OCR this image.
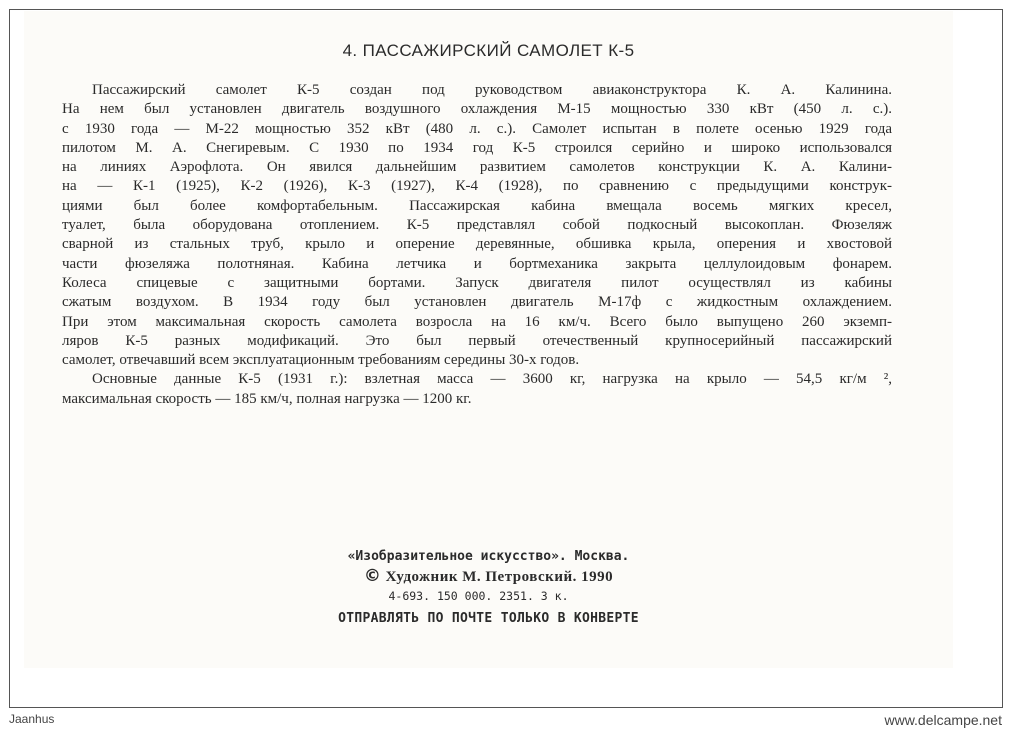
4. ПАССАЖИРСКИЙ САМОЛЕТ К-5
Пассажирский самолет К-5 создан под руководством авиаконструктора К. А. Калинина.
На нем был установлен двигатель воздушного охлаждения М-15 мощностью 330 кВт (450 л. с.).
с 1930 года — М-22 мощностью 352 кВт (480 л. с.). Самолет испытан в полете осенью 1929 года
пилотом М. А. Снегиревым. С 1930 по 1934 год К-5 строился серийно и широко использовался
на линиях Аэрофлота. Он явился дальнейшим развитием самолетов конструкции К. А. Калини-
на — К-1 (1925), К-2 (1926), К-3 (1927), К-4 (1928), по сравнению с предыдущими конструк-
циями был более комфортабельным. Пассажирская кабина вмещала восемь мягких кресел,
туалет, была оборудована отоплением. К-5 представлял собой подкосный высокоплан. Фюзеляж
сварной из стальных труб, крыло и оперение деревянные, обшивка крыла, оперения и хвостовой
части фюзеляжа полотняная. Кабина летчика и бортмеханика закрыта целлулоидовым фонарем.
Колеса спицевые с защитными бортами. Запуск двигателя пилот осуществлял из кабины
сжатым воздухом. В 1934 году был установлен двигатель М-17ф с жидкостным охлаждением.
При этом максимальная скорость самолета возросла на 16 км/ч. Всего было выпущено 260 экземп-
ляров К-5 разных модификаций. Это был первый отечественный крупносерийный пассажирский
самолет, отвечавший всем эксплуатационным требованиям середины 30-х годов.
Основные данные К-5 (1931 г.): взлетная масса — 3600 кг, нагрузка на крыло — 54,5 кг/м ²,
максимальная скорость — 185 км/ч, полная нагрузка — 1200 кг.
«Изобразительное искусство». Москва.
© Художник М. Петровский. 1990
4-693. 150 000. 2351. 3 к.
ОТПРАВЛЯТЬ ПО ПОЧТЕ ТОЛЬКО В КОНВЕРТЕ
Jaanhus	www.delcampe.net
